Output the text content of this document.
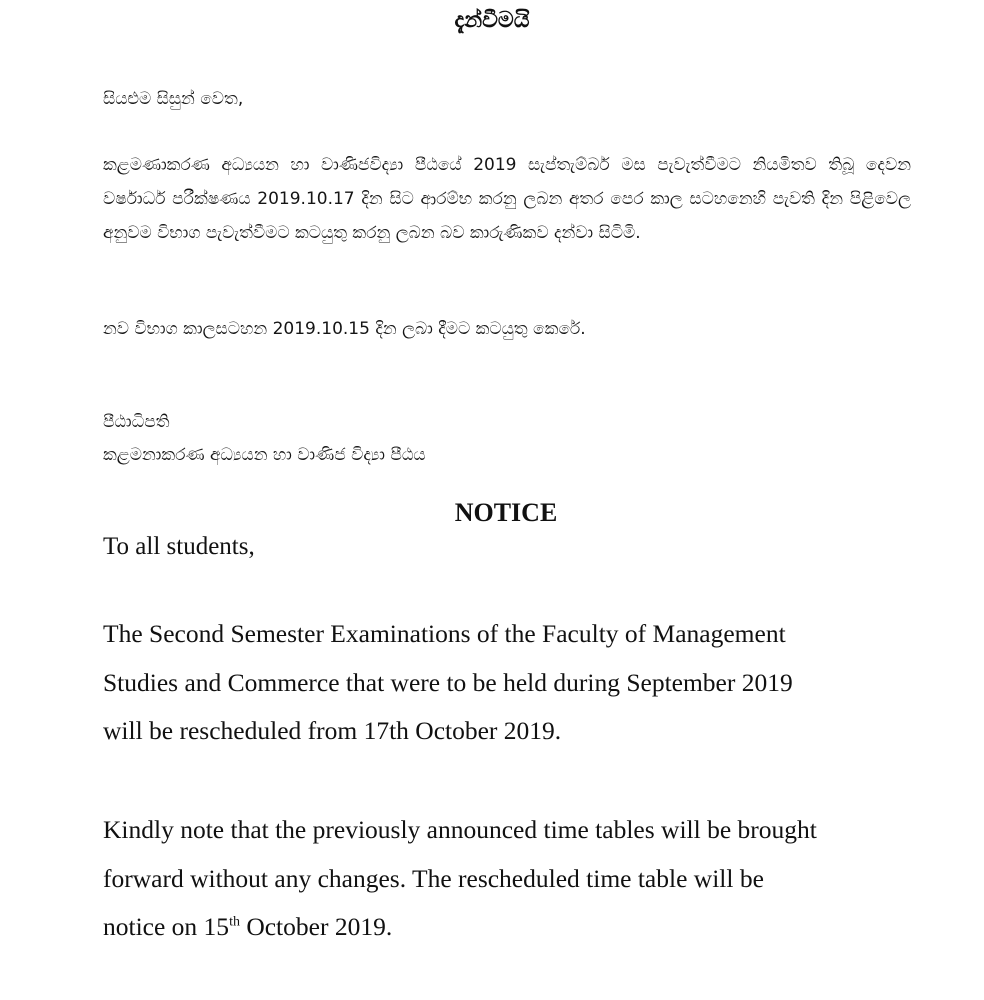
දැන්වීමයි
සියළුම සිසුන් වෙත,
කළමණාකරණ අධ්‍යයන හා වාණිජවිද්‍යා පීඨයේ 2019 සැප්තැම්බර් මස පැවැත්වීමට නියමිතව තිබූ දෙවන වර්ෂාර්ධ පරීක්ෂණය 2019.10.17 දින සිට ආරම්භ කරනු ලබන අතර පෙර කාල සටහනෙහි පැවති දින පිළිවෙල අනුවම විභාග පැවැත්වීමට කටයුතු කරනු ලබන බව කාරුණිකව දන්වා සිටිමි.
නව විභාග කාලසටහන 2019.10.15 දින ලබා දීමට කටයුතු කෙරේ.
පීඨාධිපති
කළමනාකරණ අධ්‍යයන හා වාණිජ විද්‍යා පීඨය
NOTICE
To all students,
The Second Semester Examinations of the Faculty of Management
Studies and Commerce that were to be held during September 2019
will be rescheduled from 17th October 2019.
Kindly note that the previously announced time tables will be brought
forward without any changes. The rescheduled time table will be
notice on 15th October 2019.
